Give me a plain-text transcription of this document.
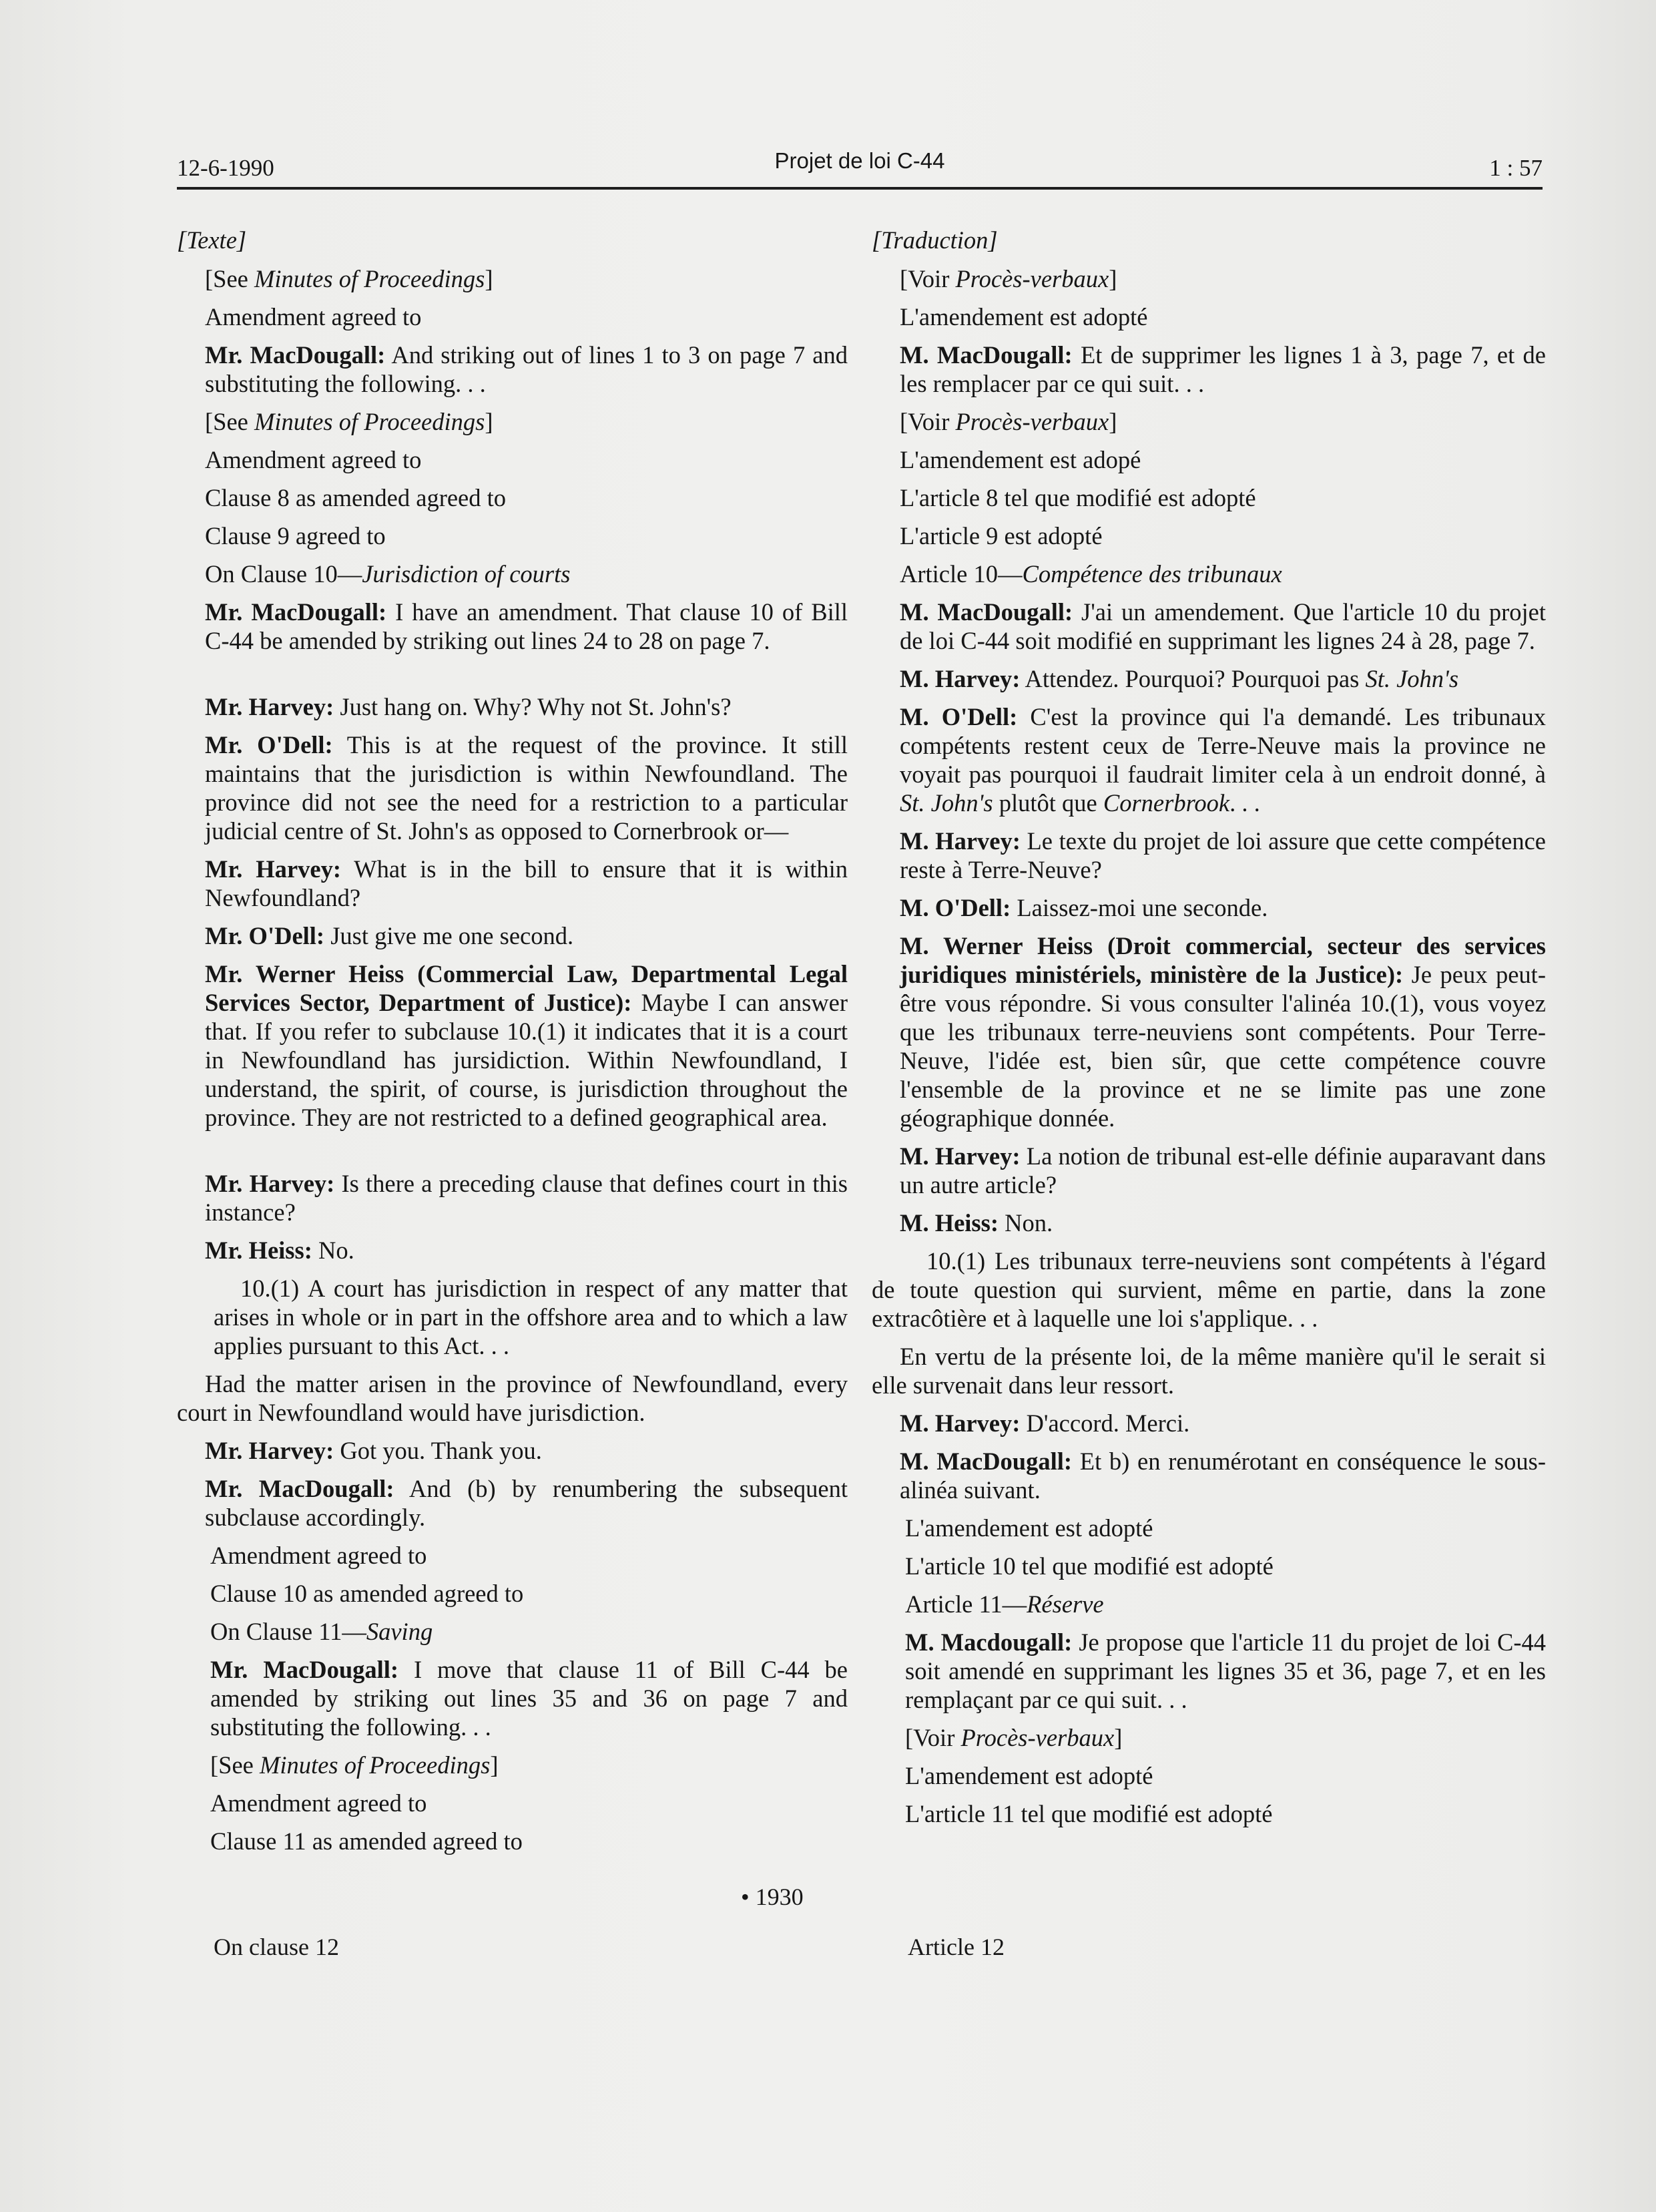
12-6-1990	Projet de loi C-44	1 : 57

[Texte]

[See Minutes of Proceedings]

Amendment agreed to

Mr. MacDougall: And striking out of lines 1 to 3 on page 7 and substituting the following. . .

[See Minutes of Proceedings]

Amendment agreed to

Clause 8 as amended agreed to

Clause 9 agreed to

On Clause 10—Jurisdiction of courts

Mr. MacDougall: I have an amendment. That clause 10 of Bill C-44 be amended by striking out lines 24 to 28 on page 7.

Mr. Harvey: Just hang on. Why? Why not St. John's?

Mr. O'Dell: This is at the request of the province. It still maintains that the jurisdiction is within Newfoundland. The province did not see the need for a restriction to a particular judicial centre of St. John's as opposed to Cornerbrook or—

Mr. Harvey: What is in the bill to ensure that it is within Newfoundland?

Mr. O'Dell: Just give me one second.

Mr. Werner Heiss (Commercial Law, Departmental Legal Services Sector, Department of Justice): Maybe I can answer that. If you refer to subclause 10.(1) it indicates that it is a court in Newfoundland has jursidiction. Within Newfoundland, I understand, the spirit, of course, is jurisdiction throughout the province. They are not restricted to a defined geographical area.

Mr. Harvey: Is there a preceding clause that defines court in this instance?

Mr. Heiss: No.

10.(1) A court has jurisdiction in respect of any matter that arises in whole or in part in the offshore area and to which a law applies pursuant to this Act. . .

Had the matter arisen in the province of Newfoundland, every court in Newfoundland would have jurisdiction.

Mr. Harvey: Got you. Thank you.

Mr. MacDougall: And (b) by renumbering the subsequent subclause accordingly.

Amendment agreed to

Clause 10 as amended agreed to

On Clause 11—Saving

Mr. MacDougall: I move that clause 11 of Bill C-44 be amended by striking out lines 35 and 36 on page 7 and substituting the following. . .

[See Minutes of Proceedings]

Amendment agreed to

Clause 11 as amended agreed to

[Traduction]

[Voir Procès-verbaux]

L'amendement est adopté

M. MacDougall: Et de supprimer les lignes 1 à 3, page 7, et de les remplacer par ce qui suit. . .

[Voir Procès-verbaux]

L'amendement est adopé

L'article 8 tel que modifié est adopté

L'article 9 est adopté

Article 10—Compétence des tribunaux

M. MacDougall: J'ai un amendement. Que l'article 10 du projet de loi C-44 soit modifié en supprimant les lignes 24 à 28, page 7.

M. Harvey: Attendez. Pourquoi? Pourquoi pas St. John's

M. O'Dell: C'est la province qui l'a demandé. Les tribunaux compétents restent ceux de Terre-Neuve mais la province ne voyait pas pourquoi il faudrait limiter cela à un endroit donné, à St. John's plutôt que Cornerbrook. . .

M. Harvey: Le texte du projet de loi assure que cette compétence reste à Terre-Neuve?

M. O'Dell: Laissez-moi une seconde.

M. Werner Heiss (Droit commercial, secteur des services juridiques ministériels, ministère de la Justice): Je peux peut-être vous répondre. Si vous consulter l'alinéa 10.(1), vous voyez que les tribunaux terre-neuviens sont compétents. Pour Terre-Neuve, l'idée est, bien sûr, que cette compétence couvre l'ensemble de la province et ne se limite pas une zone géographique donnée.

M. Harvey: La notion de tribunal est-elle définie auparavant dans un autre article?

M. Heiss: Non.

10.(1) Les tribunaux terre-neuviens sont compétents à l'égard de toute question qui survient, même en partie, dans la zone extracôtière et à laquelle une loi s'applique. . .

En vertu de la présente loi, de la même manière qu'il le serait si elle survenait dans leur ressort.

M. Harvey: D'accord. Merci.

M. MacDougall: Et b) en renumérotant en conséquence le sous-alinéa suivant.

L'amendement est adopté

L'article 10 tel que modifié est adopté

Article 11—Réserve

M. Macdougall: Je propose que l'article 11 du projet de loi C-44 soit amendé en supprimant les lignes 35 et 36, page 7, et en les remplaçant par ce qui suit. . .

[Voir Procès-verbaux]

L'amendement est adopté

L'article 11 tel que modifié est adopté

• 1930
On clause 12	Article 12
